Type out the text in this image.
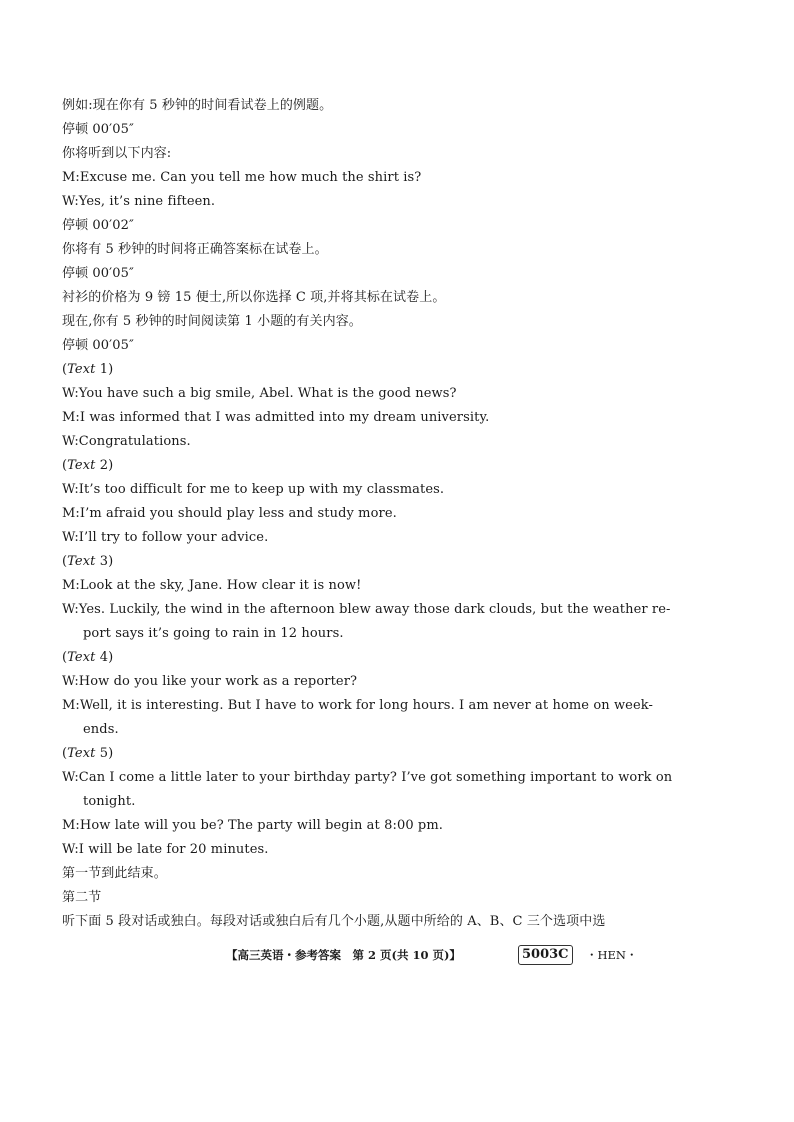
例如:现在你有 5 秒钟的时间看试卷上的例题。
停顿 00′05″
你将听到以下内容:
M:Excuse me. Can you tell me how much the shirt is?
W:Yes, it’s nine fifteen.
停顿 00′02″
你将有 5 秒钟的时间将正确答案标在试卷上。
停顿 00′05″
衬衫的价格为 9 镑 15 便士,所以你选择 C 项,并将其标在试卷上。
现在,你有 5 秒钟的时间阅读第 1 小题的有关内容。
停顿 00′05″
(Text 1)
W:You have such a big smile, Abel. What is the good news?
M:I was informed that I was admitted into my dream university.
W:Congratulations.
(Text 2)
W:It’s too difficult for me to keep up with my classmates.
M:I’m afraid you should play less and study more.
W:I’ll try to follow your advice.
(Text 3)
M:Look at the sky, Jane. How clear it is now!
W:Yes. Luckily, the wind in the afternoon blew away those dark clouds, but the weather re-
port says it’s going to rain in 12 hours.
(Text 4)
W:How do you like your work as a reporter?
M:Well, it is interesting. But I have to work for long hours. I am never at home on week-
ends.
(Text 5)
W:Can I come a little later to your birthday party? I’ve got something important to work on
tonight.
M:How late will you be? The party will begin at 8:00 pm.
W:I will be late for 20 minutes.
第一节到此结束。
第二节
听下面 5 段对话或独白。每段对话或独白后有几个小题,从题中所给的 A、B、C 三个选项中选
【高三英语・参考答案　第 2 页(共 10 页)】	5003C	・HEN・
